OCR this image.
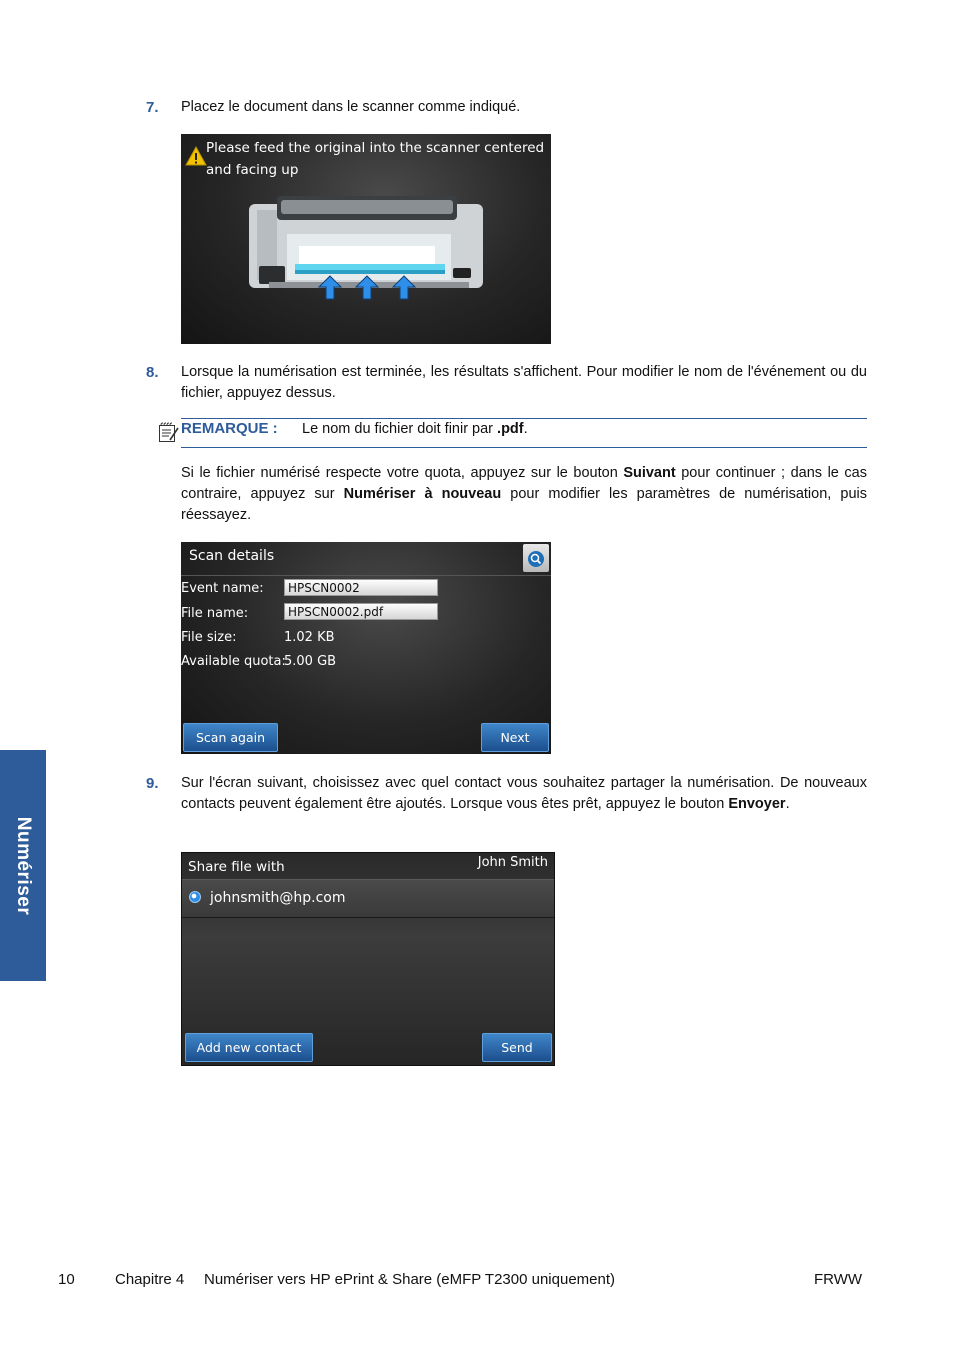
7. Placez le document dans le scanner comme indiqué.
Please feed the original into the scanner centered and facing up
8. Lorsque la numérisation est terminée, les résultats s'affichent. Pour modifier le nom de l'événement ou du fichier, appuyez dessus.
REMARQUE : Le nom du fichier doit finir par .pdf.
Si le fichier numérisé respecte votre quota, appuyez sur le bouton Suivant pour continuer ; dans le cas contraire, appuyez sur Numériser à nouveau pour modifier les paramètres de numérisation, puis réessayez.
Scan details
Event name:	HPSCN0002
File name:	HPSCN0002.pdf
File size:	1.02 KB
Available quota:
5.00 GB
Scan again	Next
9. Sur l'écran suivant, choisissez avec quel contact vous souhaitez partager la numérisation. De nouveaux contacts peuvent également être ajoutés. Lorsque vous êtes prêt, appuyez le bouton Envoyer.
Share file with	John Smith
johnsmith@hp.com
Add new contact	Send
Numériser
10	Chapitre 4 Numériser vers HP ePrint & Share (eMFP T2300 uniquement)	FRWW
